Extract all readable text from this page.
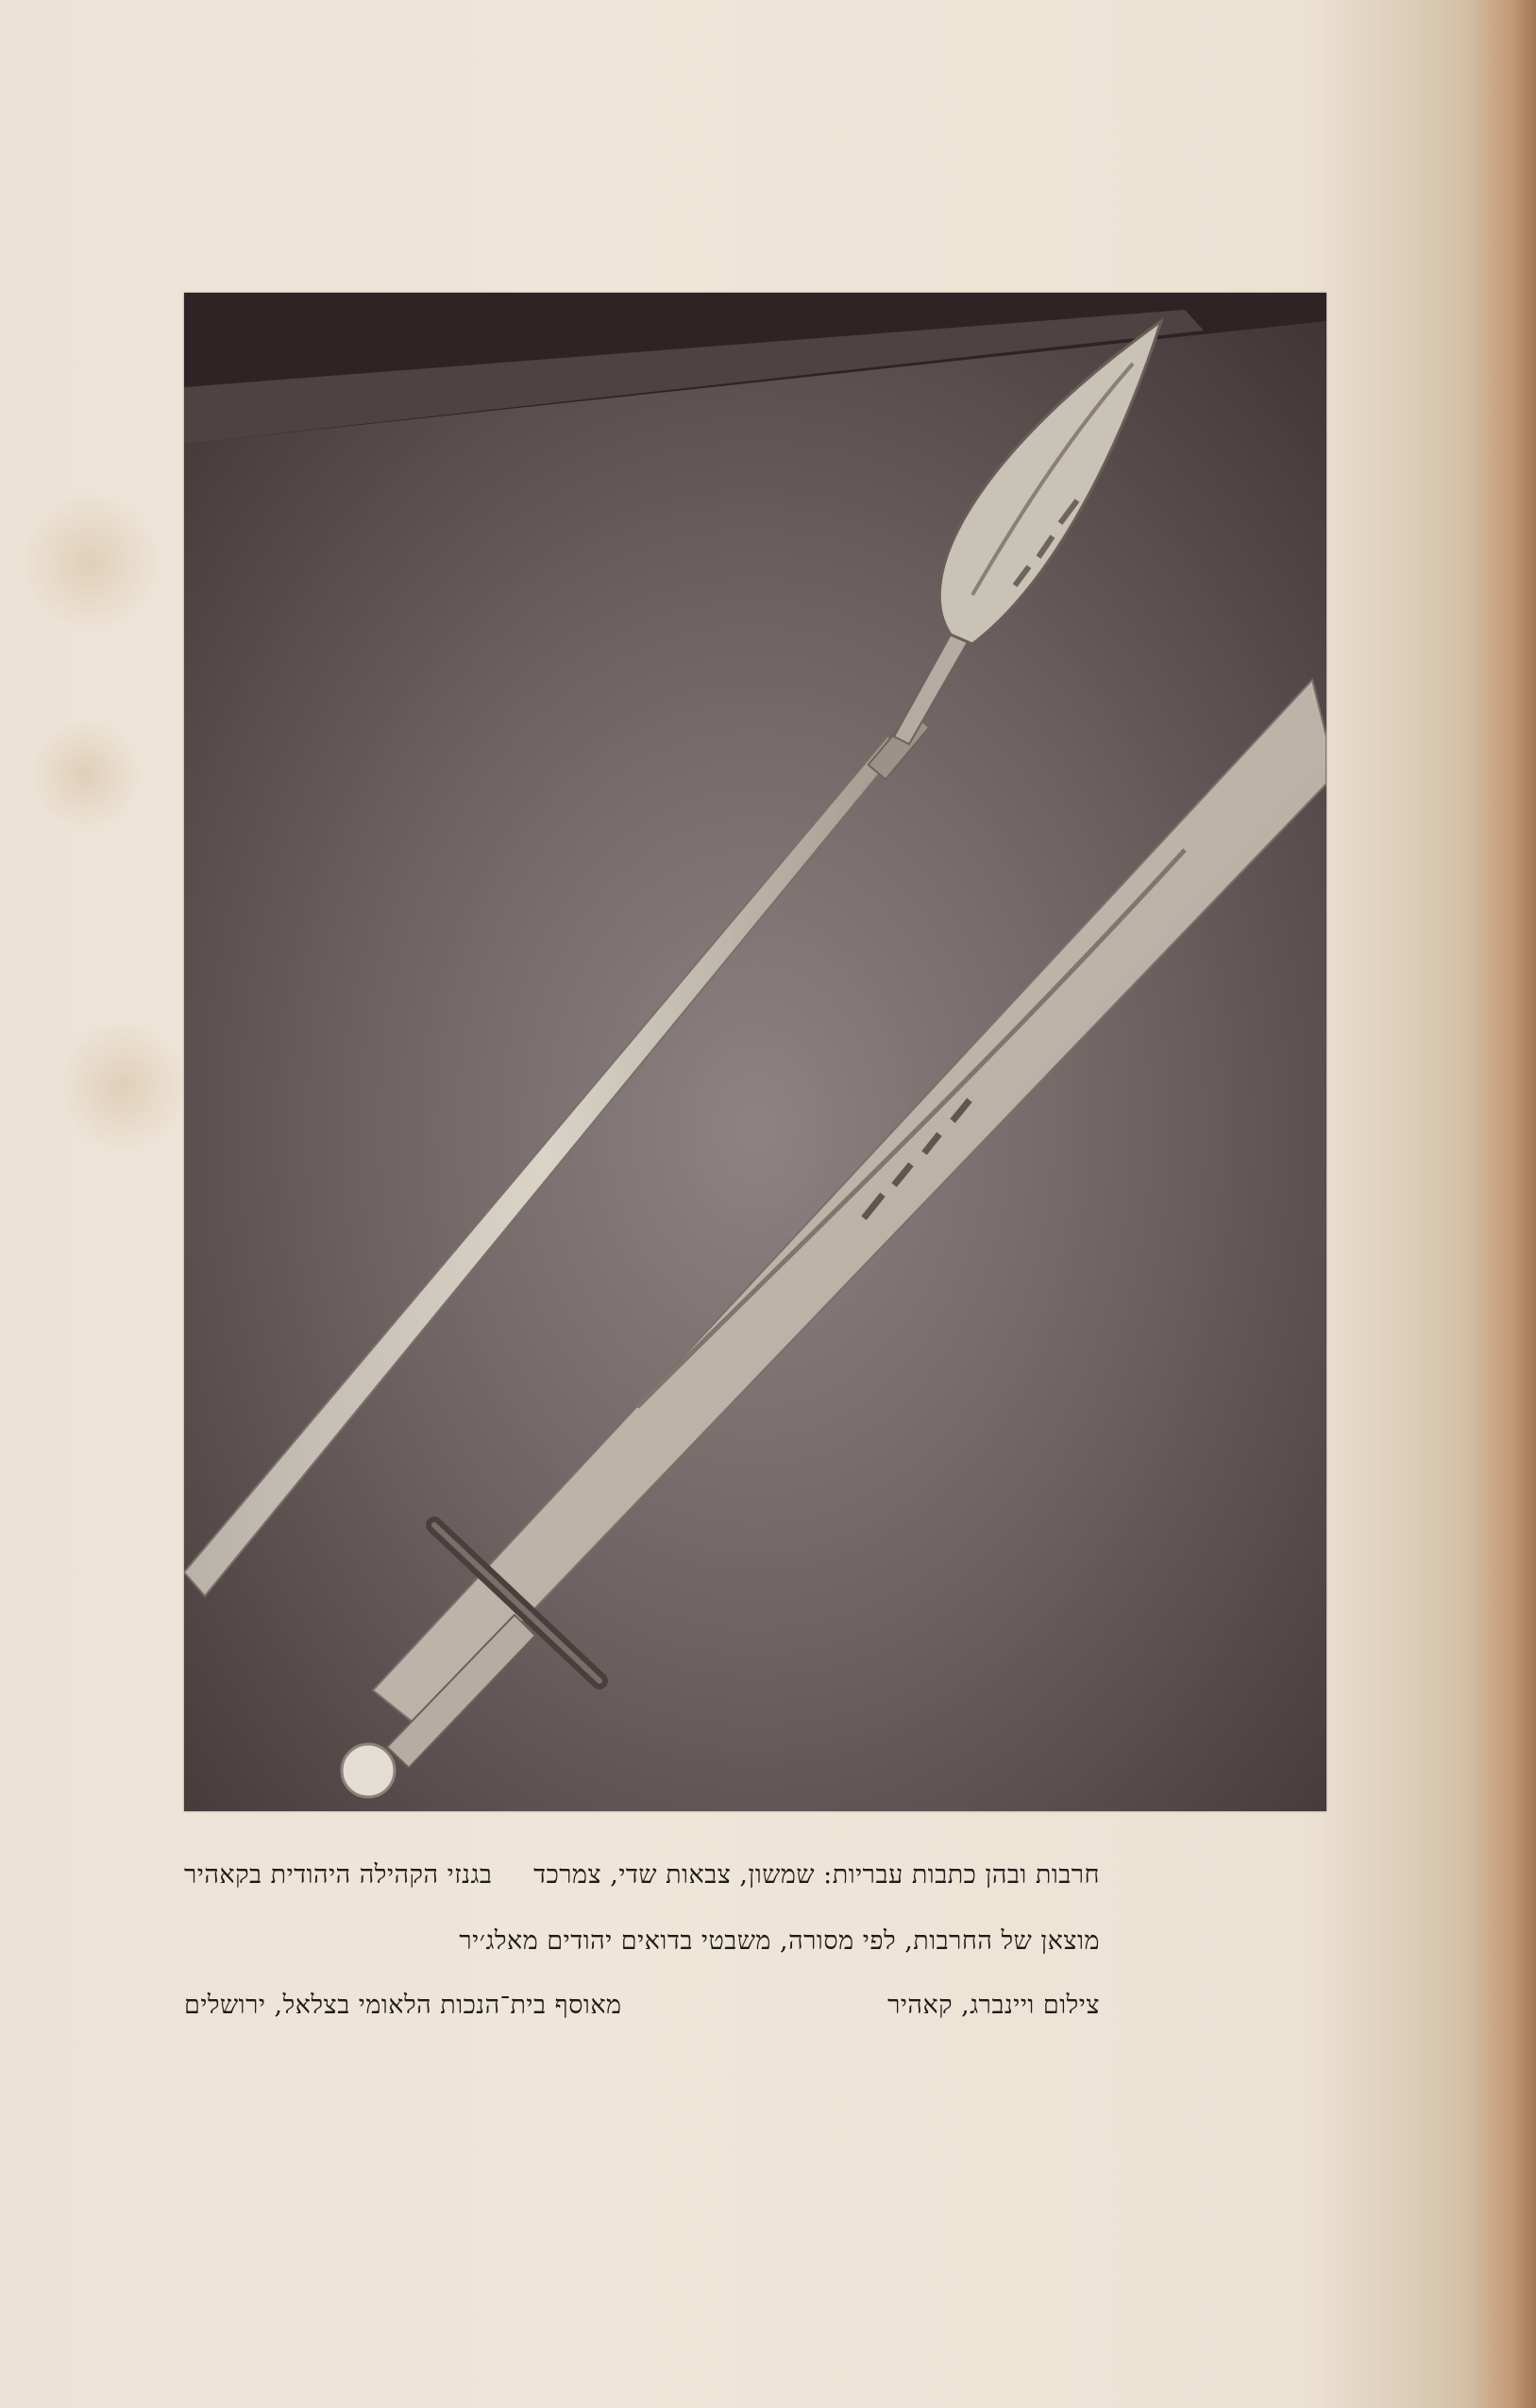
חרבות ובהן כתבות עבריות: שמשון, צבאות שדי, צמרכד
בגנזי הקהילה היהודית בקאהיר
מוצאן של החרבות, לפי מסורה, משבטי בדואים יהודים מאלג׳יר
צילום ויינברג, קאהיר
מאוסף בית־הנכות הלאומי בצלאל, ירושלים
